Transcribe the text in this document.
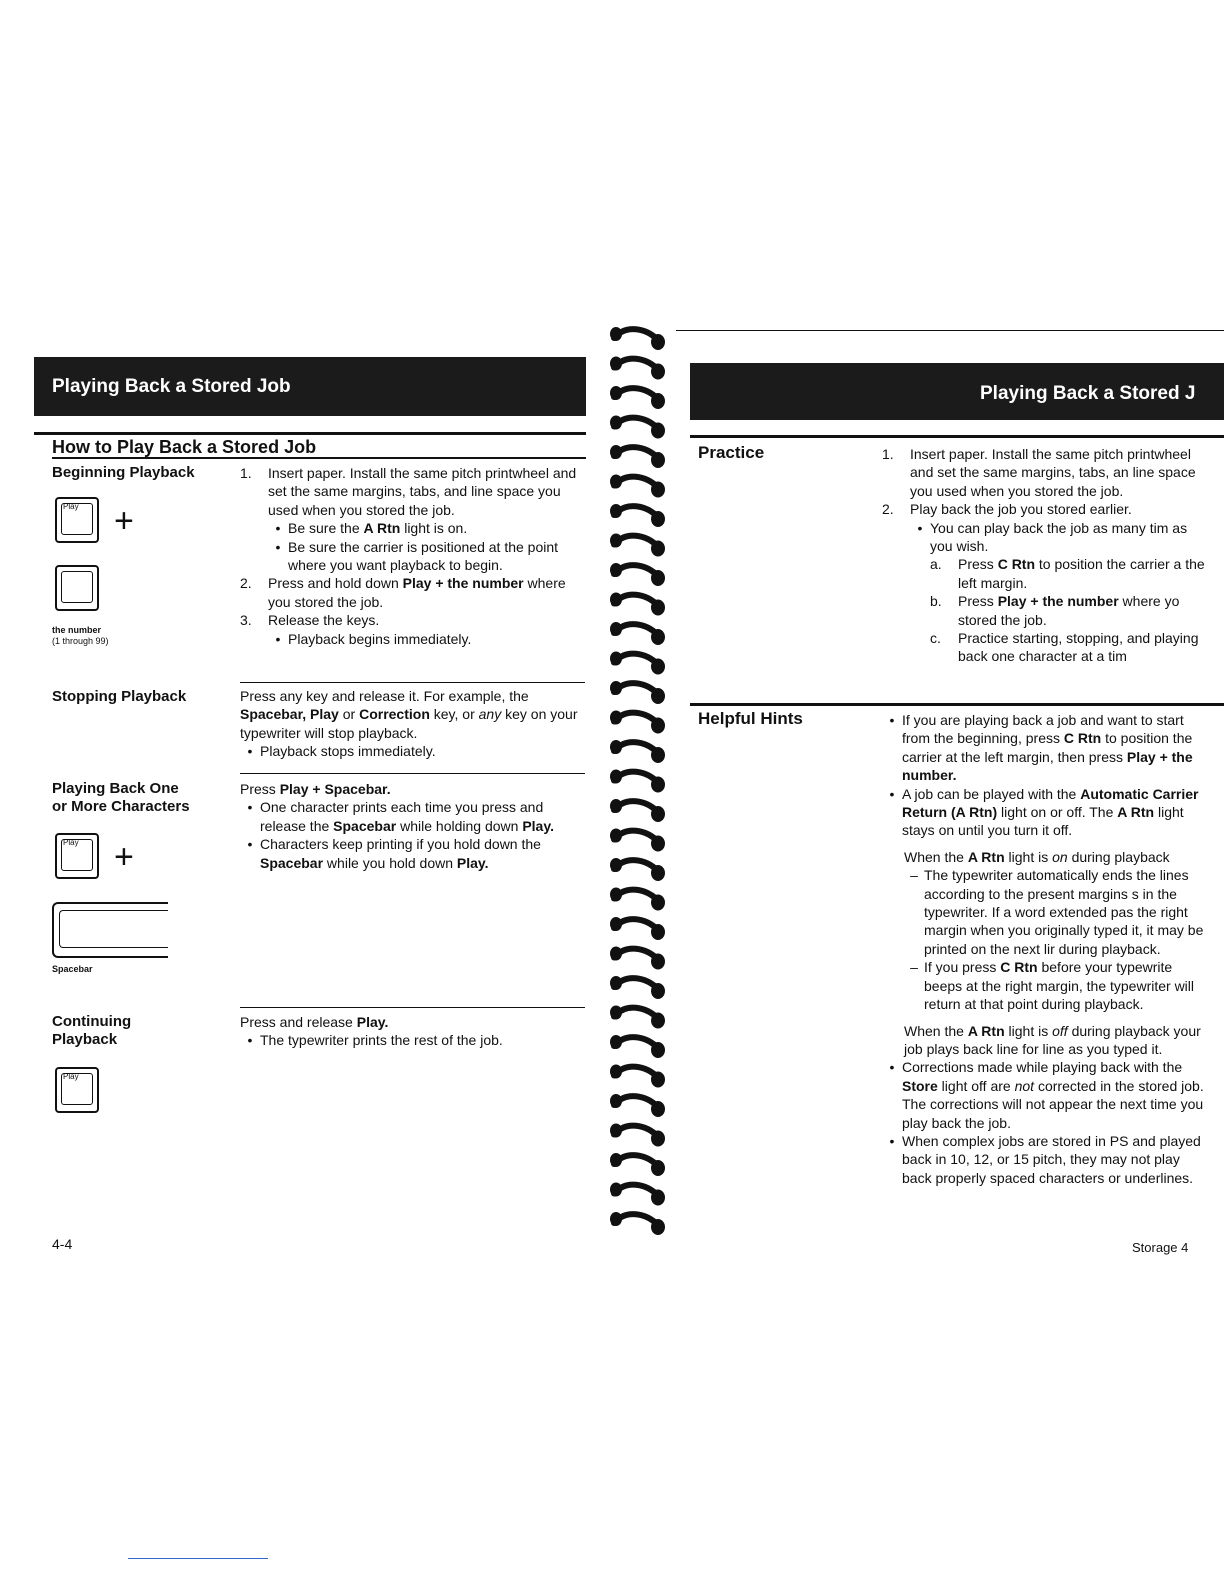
Playing Back a Stored Job
How to Play Back a Stored Job
Beginning Playback
Play +
the number
(1 through 99)
1.	Insert paper. Install the same pitch printwheel and set the same margins, tabs, and line space you used when you stored the job.
• Be sure the A Rtn light is on.
• Be sure the carrier is positioned at the point where you want playback to begin.
2.	Press and hold down Play + the number where you stored the job.
3.	Release the keys.
• Playback begins immediately.
Stopping Playback	Press any key and release it. For example, the Spacebar, Play or Correction key, or any key on your typewriter will stop playback.

• Playback stops immediately.
Playing Back One
or More Characters
Play +
Spacebar

Press Play + Spacebar.

• One character prints each time you press and release the Spacebar while holding down Play.
• Characters keep printing if you hold down the Spacebar while you hold down Play.
Continuing
Playback
Play

Press and release Play.

• The typewriter prints the rest of the job.
4-4
Playing Back a Stored J
Practice	1.	Insert paper. Install the same pitch printwheel and set the same margins, tabs, an line space you used when you stored the job.
2.	Play back the job you stored earlier.
• You can play back the job as many tim as you wish.
a.	Press C Rtn to position the carrier a the left margin.
b.	Press Play + the number where yo stored the job.
c.	Practice starting, stopping, and playing back one character at a tim
Helpful Hints	• If you are playing back a job and want to start from the beginning, press C Rtn to position the carrier at the left margin, then press Play + the number.
• A job can be played with the Automatic Carrier Return (A Rtn) light on or off. The A Rtn light stays on until you turn it off.

When the A Rtn light is on during playback

– The typewriter automatically ends the lines according to the present margins s in the typewriter. If a word extended pas the right margin when you originally typed it, it may be printed on the next lir during playback.
– If you press C Rtn before your typewrite beeps at the right margin, the typewriter will return at that point during playback.

When the A Rtn light is off during playback your job plays back line for line as you typed it.

• Corrections made while playing back with the Store light off are not corrected in the stored job. The corrections will not appear the next time you play back the job.
• When complex jobs are stored in PS and played back in 10, 12, or 15 pitch, they may not play back properly spaced characters or underlines.
Storage 4
